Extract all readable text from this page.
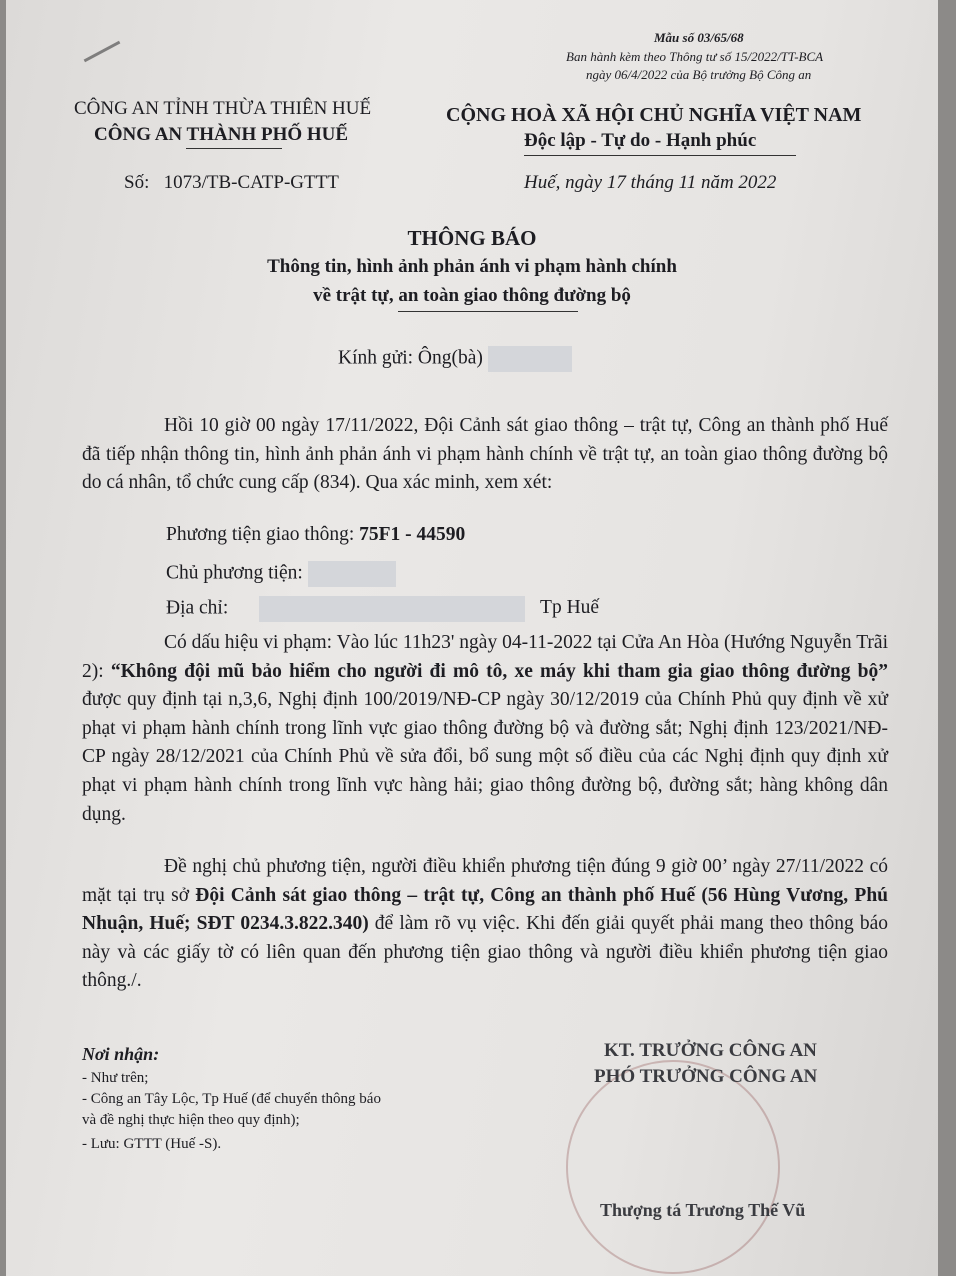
Mẫu số 03/65/68
Ban hành kèm theo Thông tư số 15/2022/TT-BCA
ngày 06/4/2022 của Bộ trưởng Bộ Công an
CÔNG AN TỈNH THỪA THIÊN HUẾ
CÔNG AN THÀNH PHỐ HUẾ
Số: 1073/TB-CATP-GTTT
CỘNG HOÀ XÃ HỘI CHỦ NGHĨA VIỆT NAM
Độc lập - Tự do - Hạnh phúc
Huế, ngày 17 tháng 11 năm 2022
THÔNG BÁO
Thông tin, hình ảnh phản ánh vi phạm hành chính
về trật tự, an toàn giao thông đường bộ
Kính gửi: Ông(bà)
Hồi 10 giờ 00 ngày 17/11/2022, Đội Cảnh sát giao thông – trật tự, Công an thành phố Huế đã tiếp nhận thông tin, hình ảnh phản ánh vi phạm hành chính về trật tự, an toàn giao thông đường bộ do cá nhân, tổ chức cung cấp (834). Qua xác minh, xem xét:
Phương tiện giao thông: 75F1 - 44590
Chủ phương tiện:
Địa chỉ:	Tp Huế
Có dấu hiệu vi phạm: Vào lúc 11h23' ngày 04-11-2022 tại Cửa An Hòa (Hướng Nguyễn Trãi 2): “Không đội mũ bảo hiểm cho người đi mô tô, xe máy khi tham gia giao thông đường bộ” được quy định tại n,3,6, Nghị định 100/2019/NĐ-CP ngày 30/12/2019 của Chính Phủ quy định về xử phạt vi phạm hành chính trong lĩnh vực giao thông đường bộ và đường sắt; Nghị định 123/2021/NĐ-CP ngày 28/12/2021 của Chính Phủ về sửa đổi, bổ sung một số điều của các Nghị định quy định xử phạt vi phạm hành chính trong lĩnh vực hàng hải; giao thông đường bộ, đường sắt; hàng không dân dụng.
Đề nghị chủ phương tiện, người điều khiển phương tiện đúng 9 giờ 00’ ngày 27/11/2022 có mặt tại trụ sở Đội Cảnh sát giao thông – trật tự, Công an thành phố Huế (56 Hùng Vương, Phú Nhuận, Huế; SĐT 0234.3.822.340) để làm rõ vụ việc. Khi đến giải quyết phải mang theo thông báo này và các giấy tờ có liên quan đến phương tiện giao thông và người điều khiển phương tiện giao thông./.
Nơi nhận:
- Như trên;
- Công an Tây Lộc, Tp Huế (để chuyển thông báo
và đề nghị thực hiện theo quy định);
- Lưu: GTTT (Huế -S).
KT. TRƯỞNG CÔNG AN
PHÓ TRƯỞNG CÔNG AN
Thượng tá Trương Thế Vũ
